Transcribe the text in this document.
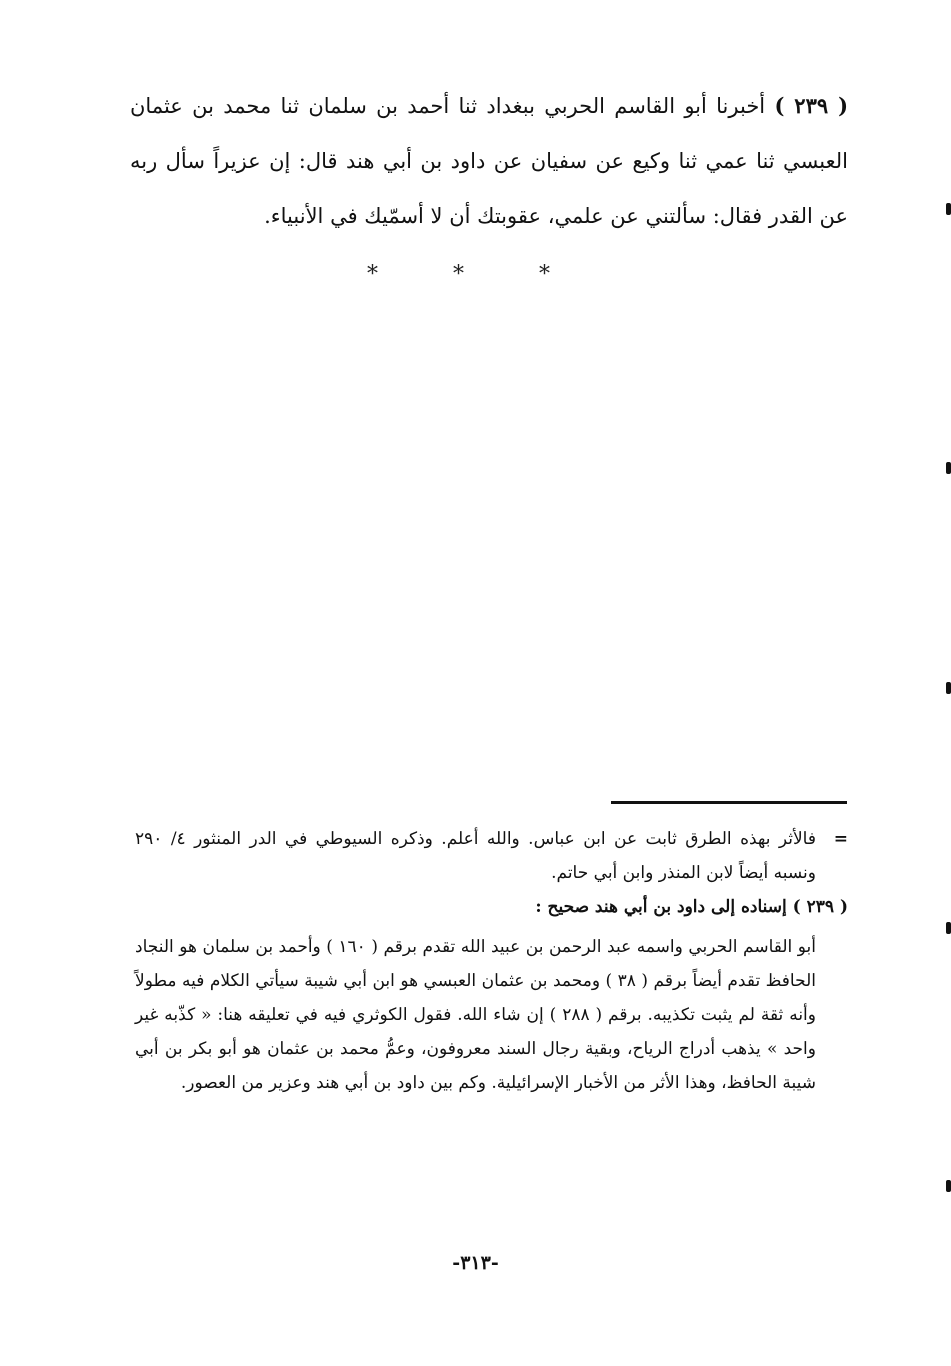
( ٢٣٩ ) أخبرنا أبو القاسم الحربي ببغداد ثنا أحمد بن سلمان ثنا محمد بن عثمان العبسي ثنا عمي ثنا وكيع عن سفيان عن داود بن أبي هند قال: إن عزيراً سأل ربه عن القدر فقال: سألتني عن علمي، عقوبتك أن لا أسمّيك في الأنبياء.
* * *
=
فالأثر بهذه الطرق ثابت عن ابن عباس. والله أعلم. وذكره السيوطي في الدر المنثور ٤/ ٢٩٠ ونسبه أيضاً لابن المنذر وابن أبي حاتم.
( ٢٣٩ ) إسناده إلى داود بن أبي هند صحيح :
أبو القاسم الحربي واسمه عبد الرحمن بن عبيد الله تقدم برقم ( ١٦٠ ) وأحمد بن سلمان هو النجاد الحافظ تقدم أيضاً برقم ( ٣٨ ) ومحمد بن عثمان العبسي هو ابن أبي شيبة سيأتي الكلام فيه مطولاً وأنه ثقة لم يثبت تكذيبه. برقم ( ٢٨٨ ) إن شاء الله. فقول الكوثري فيه في تعليقه هنا: « كذّبه غير واحد » يذهب أدراج الرياح، وبقية رجال السند معروفون، وعمُّ محمد بن عثمان هو أبو بكر بن أبي شيبة الحافظ، وهذا الأثر من الأخبار الإسرائيلية. وكم بين داود بن أبي هند وعزير من العصور.
-٣١٣-
